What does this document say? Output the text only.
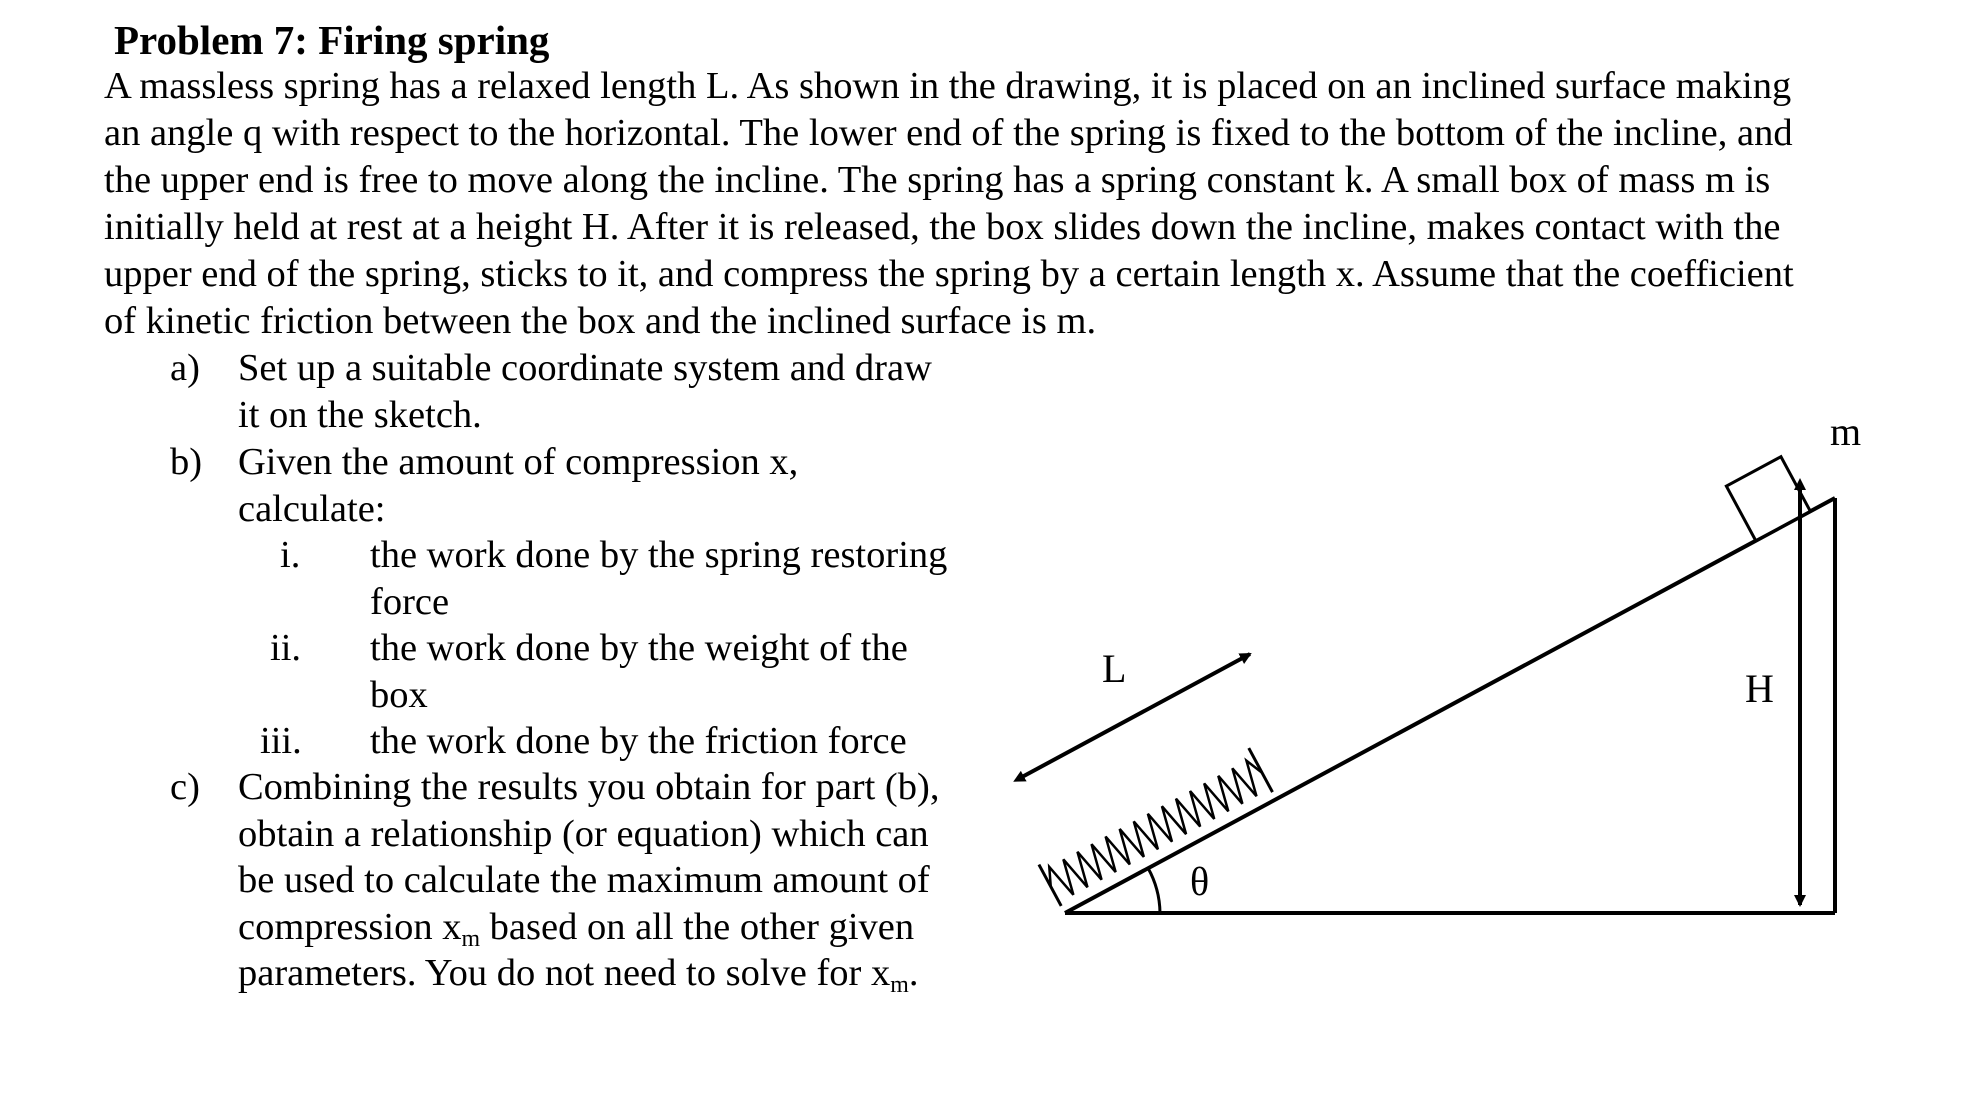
Problem 7: Firing spring
A massless spring has a relaxed length L. As shown in the drawing, it is placed on an inclined surface making
an angle q with respect to the horizontal. The lower end of the spring is fixed to the bottom of the incline, and
the upper end is free to move along the incline. The spring has a spring constant k. A small box of mass m is
initially held at rest at a height H. After it is released, the box slides down the incline, makes contact with the
upper end of the spring, sticks to it, and compress the spring by a certain length x. Assume that the coefficient
of kinetic friction between the box and the inclined surface is m.
a) Set up a suitable coordinate system and draw
it on the sketch.
b) Given the amount of compression x,
calculate:
i. the work done by the spring restoring
force
ii. the work done by the weight of the
box
iii. the work done by the friction force
c) Combining the results you obtain for part (b),
obtain a relationship (or equation) which can
be used to calculate the maximum amount of
compression $x_m$ based on all the other given
parameters. You do not need to solve for $x_m$.
θ
L
m
H
